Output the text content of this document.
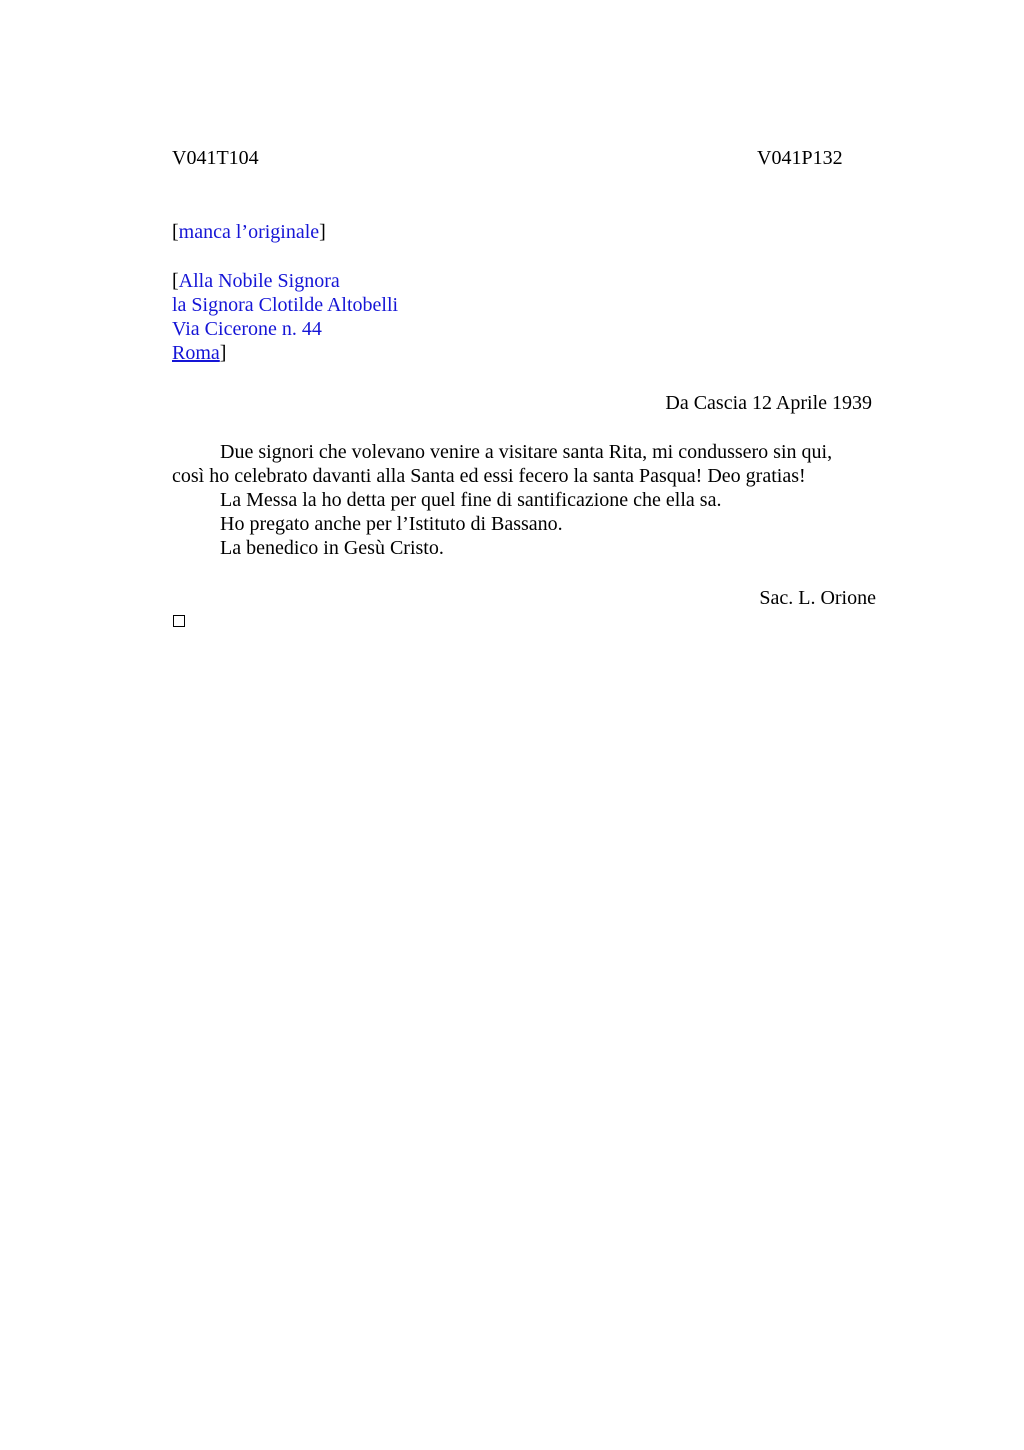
V041T104	V041P132
[manca l’originale]
[Alla Nobile Signora
la Signora Clotilde Altobelli
Via Cicerone n. 44
Roma]
Da Cascia 12 Aprile 1939
Due signori che volevano venire a visitare santa Rita, mi condussero sin qui,
così ho celebrato davanti alla Santa ed essi fecero la santa Pasqua! Deo gratias!
La Messa la ho detta per quel fine di santificazione che ella sa.
Ho pregato anche per l’Istituto di Bassano.
La benedico in Gesù Cristo.
Sac. L. Orione
